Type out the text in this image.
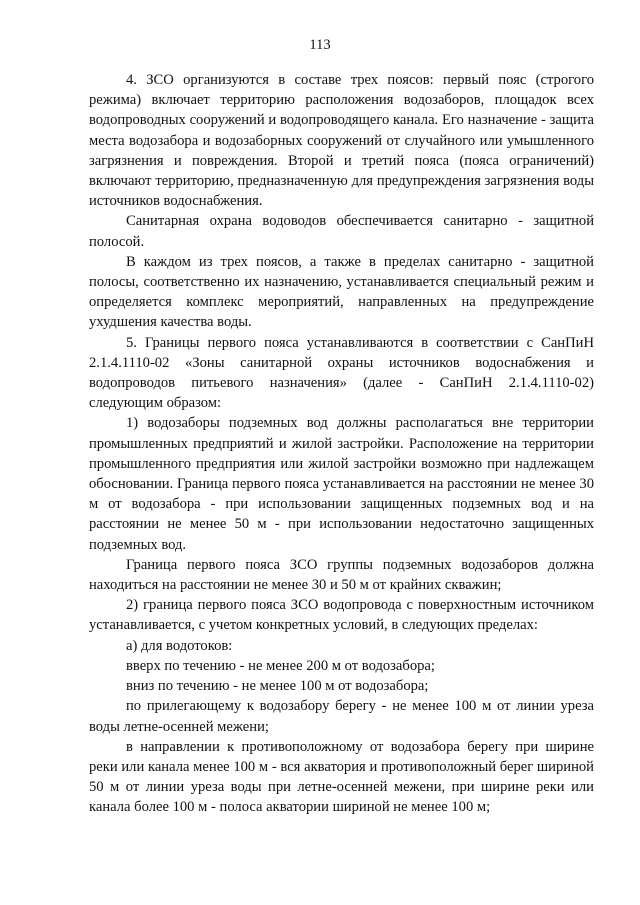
113

4. ЗСО организуются в составе трех поясов: первый пояс (строгого режима) включает территорию расположения водозаборов, площадок всех водопроводных сооружений и водопроводящего канала. Его назначение - защита места водозабора и водозаборных сооружений от случайного или умышленного загрязнения и повреждения. Второй и третий пояса (пояса ограничений) включают территорию, предназначенную для предупреждения загрязнения воды источников водоснабжения.

Санитарная охрана водоводов обеспечивается санитарно - защитной полосой.

В каждом из трех поясов, а также в пределах санитарно - защитной полосы, соответственно их назначению, устанавливается специальный режим и определяется комплекс мероприятий, направленных на предупреждение ухудшения качества воды.

5. Границы первого пояса устанавливаются в соответствии с СанПиН 2.1.4.1110-02 «Зоны санитарной охраны источников водоснабжения и водопроводов питьевого назначения» (далее - СанПиН 2.1.4.1110-02) следующим образом:

1) водозаборы подземных вод должны располагаться вне территории промышленных предприятий и жилой застройки. Расположение на территории промышленного предприятия или жилой застройки возможно при надлежащем обосновании. Граница первого пояса устанавливается на расстоянии не менее 30 м от водозабора - при использовании защищенных подземных вод и на расстоянии не менее 50 м - при использовании недостаточно защищенных подземных вод.

Граница первого пояса ЗСО группы подземных водозаборов должна находиться на расстоянии не менее 30 и 50 м от крайних скважин;

2) граница первого пояса ЗСО водопровода с поверхностным источником устанавливается, с учетом конкретных условий, в следующих пределах:

а) для водотоков:

вверх по течению - не менее 200 м от водозабора;

вниз по течению - не менее 100 м от водозабора;

по прилегающему к водозабору берегу - не менее 100 м от линии уреза воды летне-осенней межени;

в направлении к противоположному от водозабора берегу при ширине реки или канала менее 100 м - вся акватория и противоположный берег шириной 50 м от линии уреза воды при летне-осенней межени, при ширине реки или канала более 100 м - полоса акватории шириной не менее 100 м;
